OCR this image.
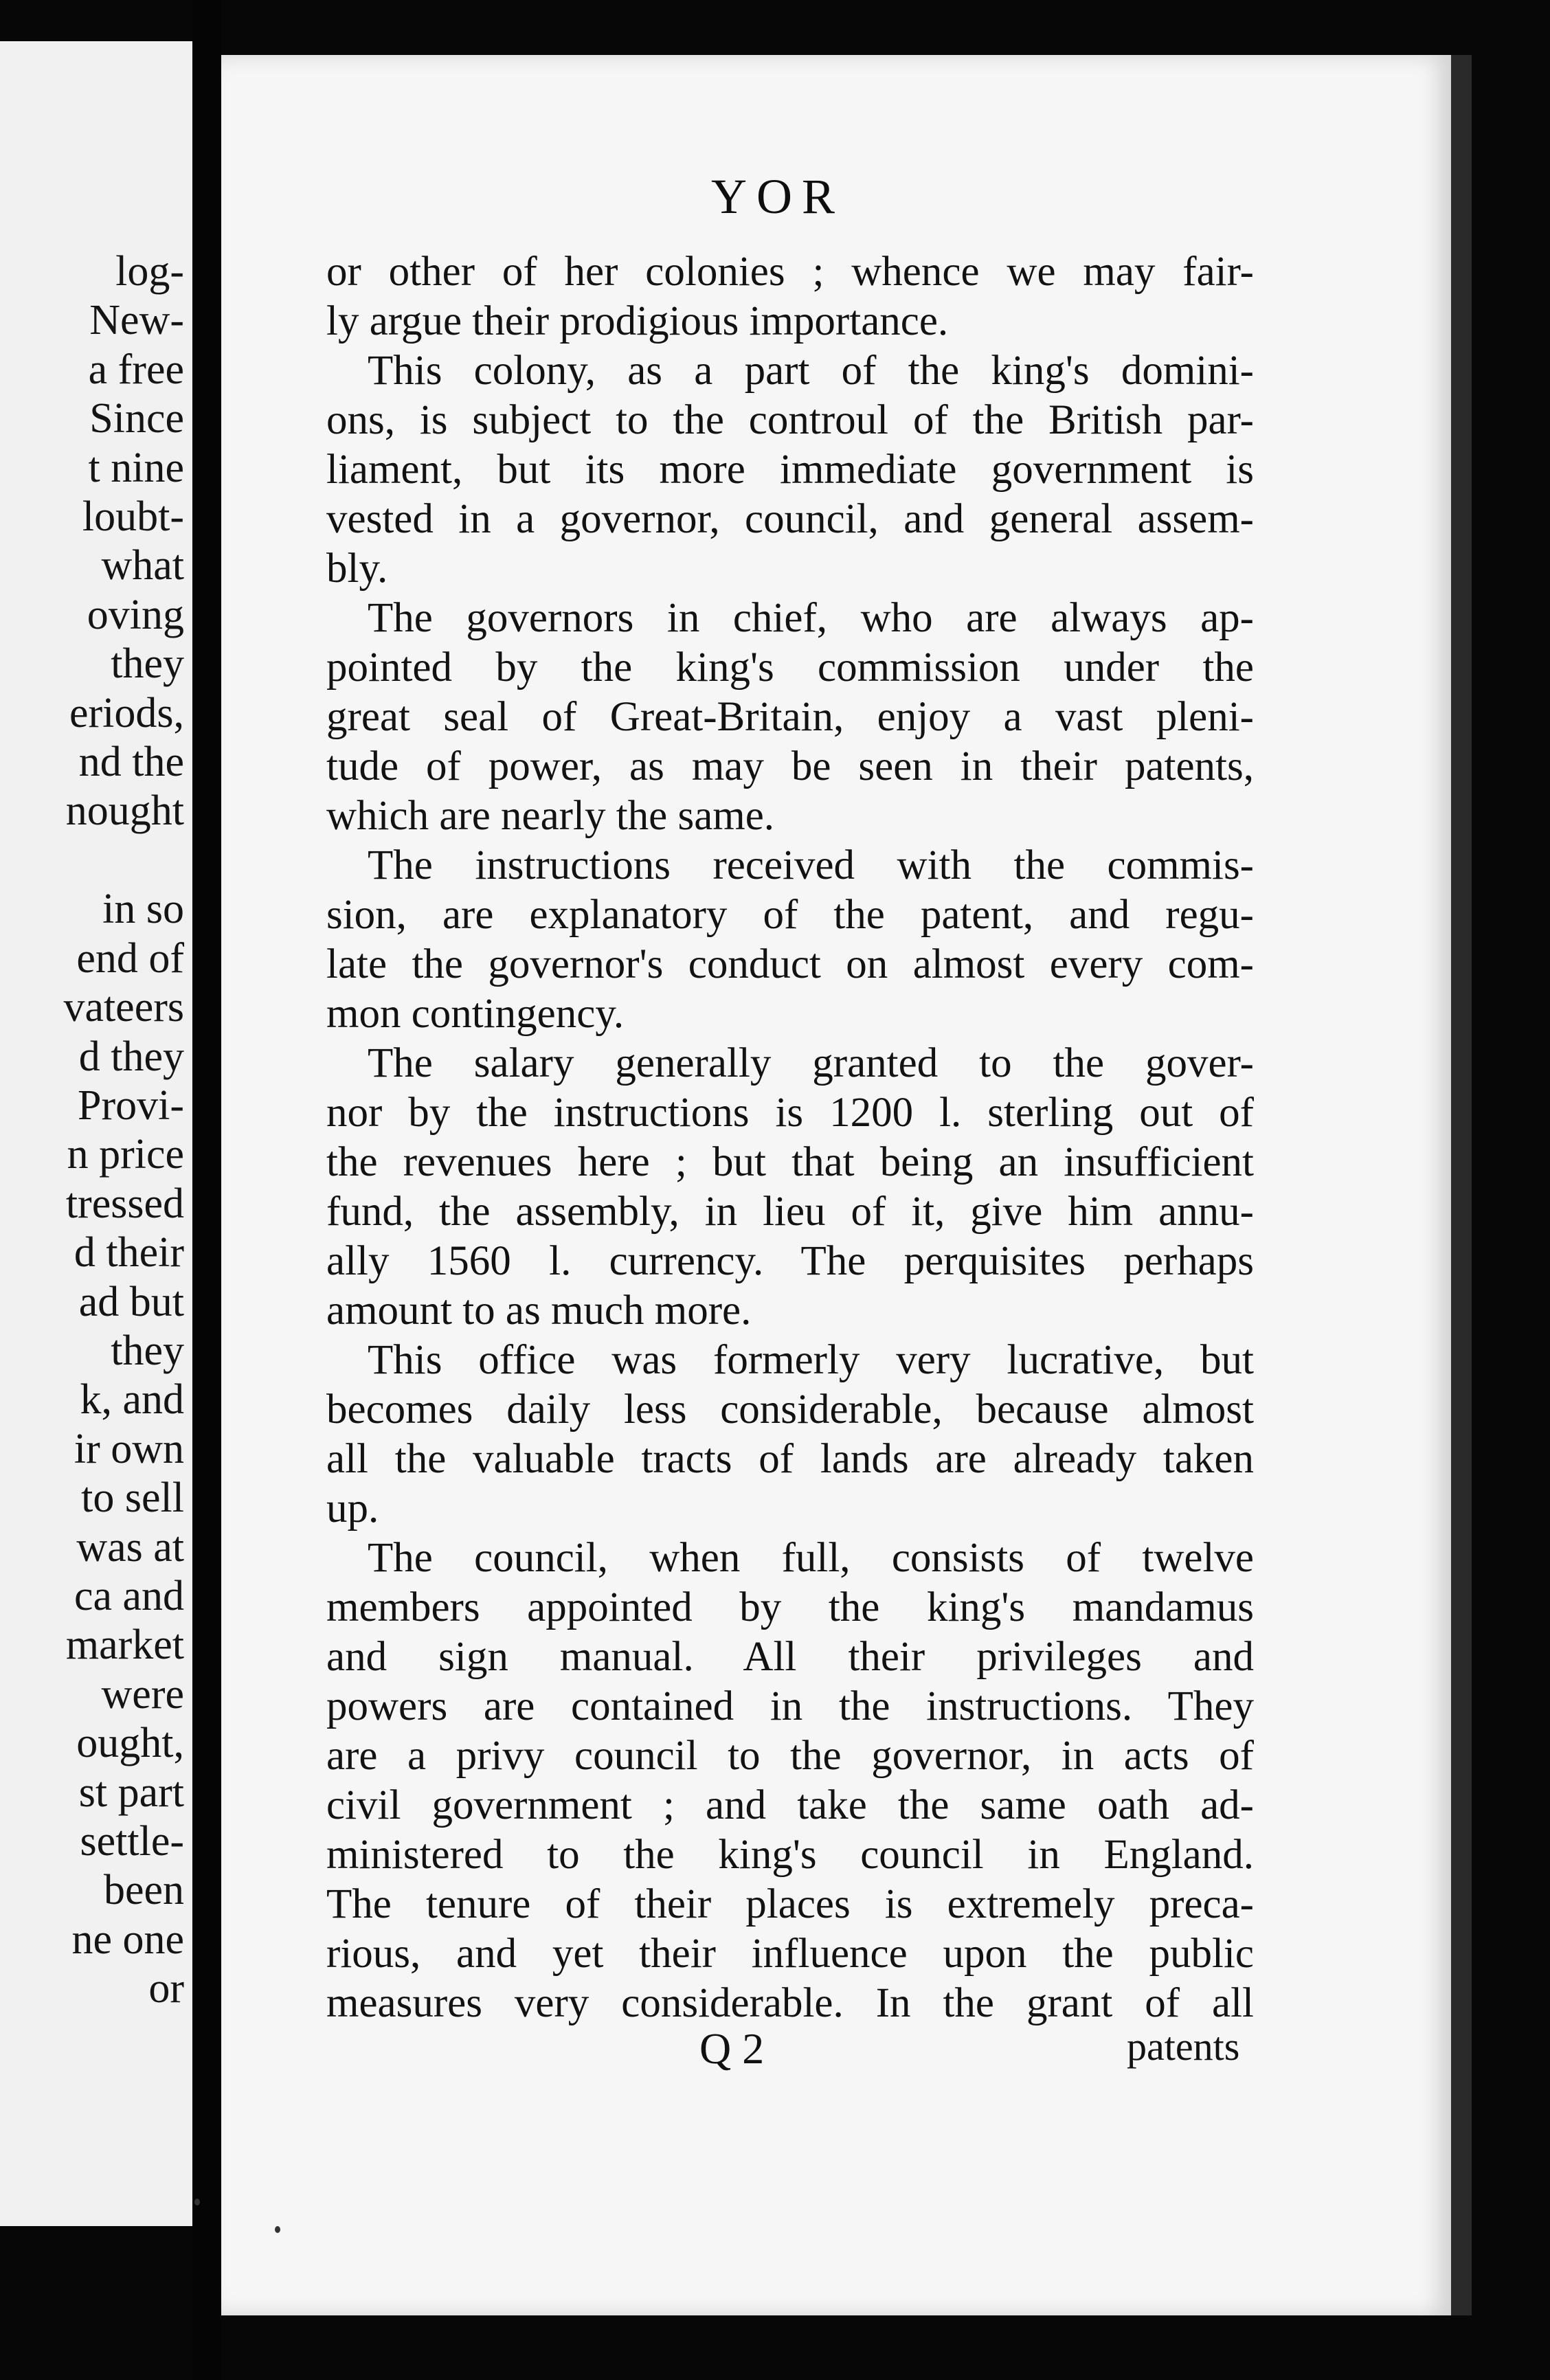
log-
New-
a free
Since
t nine
loubt-
what
oving
they
eriods,
nd the
nought

in so
end of
vateers
d they
Provi-
n price
tressed
d their
ad but
they
k, and
ir own
to sell
was at
ca and
market
were
ought,
st part
settle-
been
ne one
or
YOR
or other of her colonies ; whence we may fair-
ly argue their prodigious importance.
This colony, as a part of the king's domini-
ons, is subject to the controul of the British par-
liament, but its more immediate government is
vested in a governor, council, and general assem-
bly.
The governors in chief, who are always ap-
pointed by the king's commission under the
great seal of Great-Britain, enjoy a vast pleni-
tude of power, as may be seen in their patents,
which are nearly the same.
The instructions received with the commis-
sion, are explanatory of the patent, and regu-
late the governor's conduct on almost every com-
mon contingency.
The salary generally granted to the gover-
nor by the instructions is 1200 l. sterling out of
the revenues here ; but that being an insufficient
fund, the assembly, in lieu of it, give him annu-
ally 1560 l. currency. The perquisites perhaps
amount to as much more.
This office was formerly very lucrative, but
becomes daily less considerable, because almost
all the valuable tracts of lands are already taken
up.
The council, when full, consists of twelve
members appointed by the king's mandamus
and sign manual. All their privileges and
powers are contained in the instructions. They
are a privy council to the governor, in acts of
civil government ; and take the same oath ad-
ministered to the king's council in England.
The tenure of their places is extremely preca-
rious, and yet their influence upon the public
measures very considerable. In the grant of all
Q 2	patents
